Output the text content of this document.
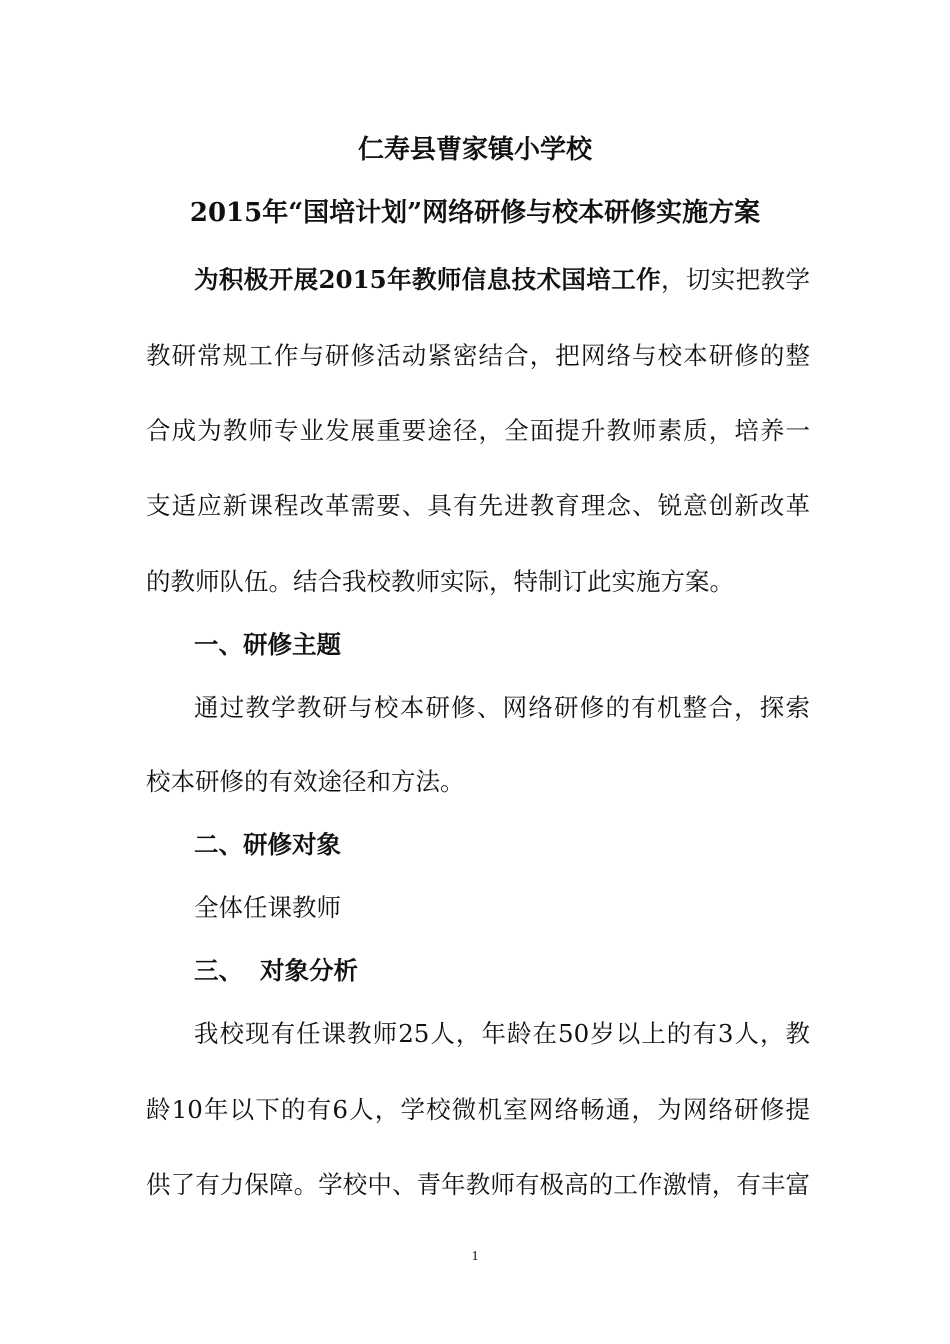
仁寿县曹家镇小学校
2015年“国培计划”网络研修与校本研修实施方案

为积极开展2015年教师信息技术国培工作，切实把教学

教研常规工作与研修活动紧密结合，把网络与校本研修的整

合成为教师专业发展重要途径，全面提升教师素质，培养一

支适应新课程改革需要、具有先进教育理念、锐意创新改革

的教师队伍。结合我校教师实际，特制订此实施方案。

一、研修主题

通过教学教研与校本研修、网络研修的有机整合，探索

校本研修的有效途径和方法。

二、研修对象

全体任课教师

三、  对象分析

我校现有任课教师25人，年龄在50岁以上的有3人，教

龄10年以下的有6人，学校微机室网络畅通，为网络研修提

供了有力保障。学校中、青年教师有极高的工作激情，有丰富

1
